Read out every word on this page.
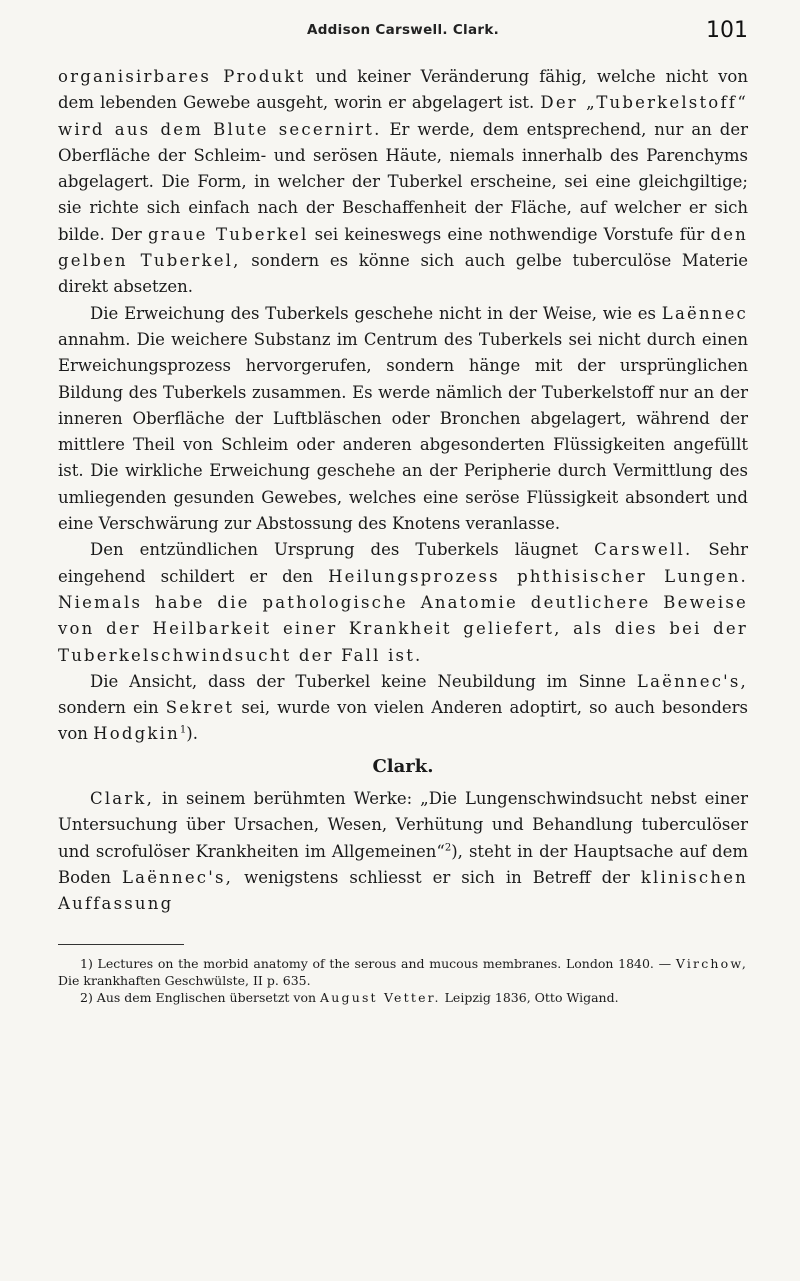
Addison Carswell. Clark.	101

organisirbares Produkt und keiner Veränderung fähig, welche nicht von dem lebenden Gewebe ausgeht, worin er abgelagert ist. Der „Tuberkelstoff“ wird aus dem Blute secernirt. Er werde, dem entsprechend, nur an der Oberfläche der Schleim- und serösen Häute, niemals innerhalb des Parenchyms abgelagert. Die Form, in welcher der Tuberkel erscheine, sei eine gleichgiltige; sie richte sich einfach nach der Beschaffenheit der Fläche, auf welcher er sich bilde. Der graue Tuberkel sei keineswegs eine nothwendige Vorstufe für den gelben Tuberkel, sondern es könne sich auch gelbe tuberculöse Materie direkt absetzen.

Die Erweichung des Tuberkels geschehe nicht in der Weise, wie es Laënnec annahm. Die weichere Substanz im Centrum des Tuberkels sei nicht durch einen Erweichungsprozess hervorgerufen, sondern hänge mit der ursprünglichen Bildung des Tuberkels zusammen. Es werde nämlich der Tuberkelstoff nur an der inneren Oberfläche der Luftbläschen oder Bronchen abgelagert, während der mittlere Theil von Schleim oder anderen abgesonderten Flüssigkeiten angefüllt ist. Die wirkliche Erweichung geschehe an der Peripherie durch Vermittlung des umliegenden gesunden Gewebes, welches eine seröse Flüssigkeit absondert und eine Verschwärung zur Abstossung des Knotens veranlasse.

Den entzündlichen Ursprung des Tuberkels läugnet Carswell. Sehr eingehend schildert er den Heilungsprozess phthisischer Lungen. Niemals habe die pathologische Anatomie deutlichere Beweise von der Heilbarkeit einer Krankheit geliefert, als dies bei der Tuberkelschwindsucht der Fall ist.

Die Ansicht, dass der Tuberkel keine Neubildung im Sinne Laënnec's, sondern ein Sekret sei, wurde von vielen Anderen adoptirt, so auch besonders von Hodgkin$^1$).

Clark.

Clark, in seinem berühmten Werke: „Die Lungenschwindsucht nebst einer Untersuchung über Ursachen, Wesen, Verhütung und Behandlung tuberculöser und scrofulöser Krankheiten im Allgemeinen“$^2$), steht in der Hauptsache auf dem Boden Laënnec's, wenigstens schliesst er sich in Betreff der klinischen Auffassung

1) Lectures on the morbid anatomy of the serous and mucous membranes. London 1840. — Virchow, Die krankhaften Geschwülste, II p. 635.

2) Aus dem Englischen übersetzt von August Vetter. Leipzig 1836, Otto Wigand.
